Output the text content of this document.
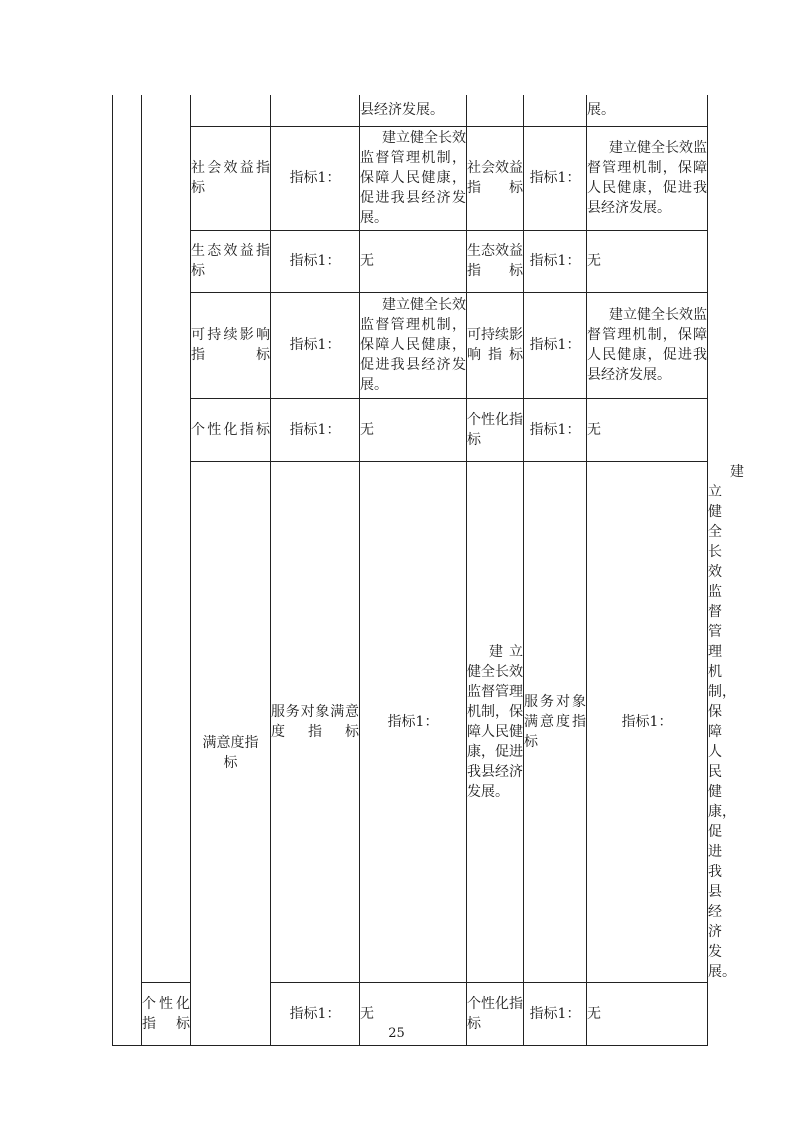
				县经济发展。			展。	
		社会效益指标	指标1：	建立健全长效监督管理机制，保障人民健康，促进我县经济发展。	社会效益指标	指标1：	建立健全长效监督管理机制，保障人民健康，促进我县经济发展。	
		生态效益指标	指标1：	无	生态效益指标	指标1：	无	
		可持续影响指标	指标1：	建立健全长效监督管理机制，保障人民健康，促进我县经济发展。	可持续影响指标	指标1：	建立健全长效监督管理机制，保障人民健康，促进我县经济发展。	
		个性化指标	指标1：	无	个性化指标	指标1：	无	
		满意度指标	服务对象满意度指标	指标1：	建立健全长效监督管理机制，保障人民健康，促进我县经济发展。	服务对象满意度指标	指标1：	建立健全长效监督管理机制，保障人民健康，促进我县经济发展。
	个性化指标		指标1：	无	个性化指标	指标1：	无	
25
